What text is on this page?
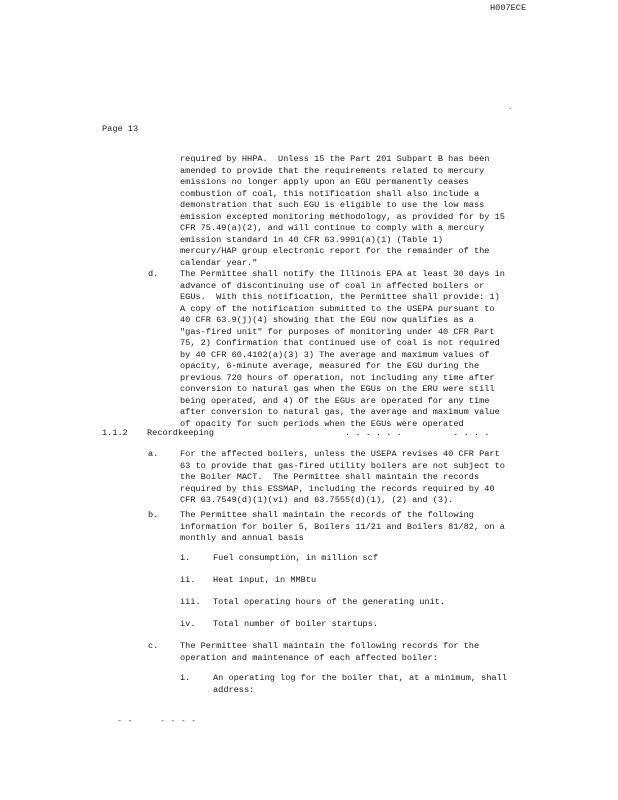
H007ECE
.
Page 13
required by HHPA.  Unless 15 the Part 201 Subpart B has been
amended to provide that the requirements related to mercury
emissions no longer apply upon an EGU permanently ceases
combustion of coal, this notification shall also include a
demonstration that such EGU is eligible to use the low mass
emission excepted monitoring methodology, as provided for by 15
CFR 75.49(a)(2), and will continue to comply with a mercury
emission standard in 40 CFR 63.9991(a)(1) (Table 1)
mercury/HAP group electronic report for the remainder of the
calendar year."
d.	The Permittee shall notify the Illinois EPA at least 30 days in
advance of discontinuing use of coal in affected boilers or
EGUs.  With this notification, the Permittee shall provide: 1)
A copy of the notification submitted to the USEPA pursuant to
40 CFR 63.9(j)(4) showing that the EGU now qualifies as a
"gas-fired unit" for purposes of monitoring under 40 CFR Part
75, 2) Confirmation that continued use of coal is not required
by 40 CFR 60.4102(a)(3) 3) The average and maximum values of
opacity, 6-minute average, measured for the EGU during the
previous 720 hours of operation, not including any time after
conversion to natural gas when the EGUs on the ERU were still
being operated, and 4) Of the EGUs are operated for any time
after conversion to natural gas, the average and maximum value
of opacity for such periods when the EGUs were operated
1.1.2 Recordkeeping	. . . . . .          . . . .
a.	For the affected boilers, unless the USEPA revises 40 CFR Part
63 to provide that gas-fired utility boilers are not subject to
the Boiler MACT.  The Permittee shall maintain the records
required by this ESSMAP, including the records required by 40
CFR 63.7549(d)(1)(vi) and 63.7555(d)(1), (2) and (3).
b.	The Permittee shall maintain the records of the following
information for boiler 5, Boilers 11/21 and Boilers 81/82, on a
monthly and annual basis
i.	Fuel consumption, in million scf
ii. Heat input, in MMBtu
iii. Total operating hours of the generating unit.
iv. Total number of boiler startups.
c.	The Permittee shall maintain the following records for the
operation and maintenance of each affected boiler:
i.	An operating log for the boiler that, at a minimum, shall
address:
- -	- - - -
